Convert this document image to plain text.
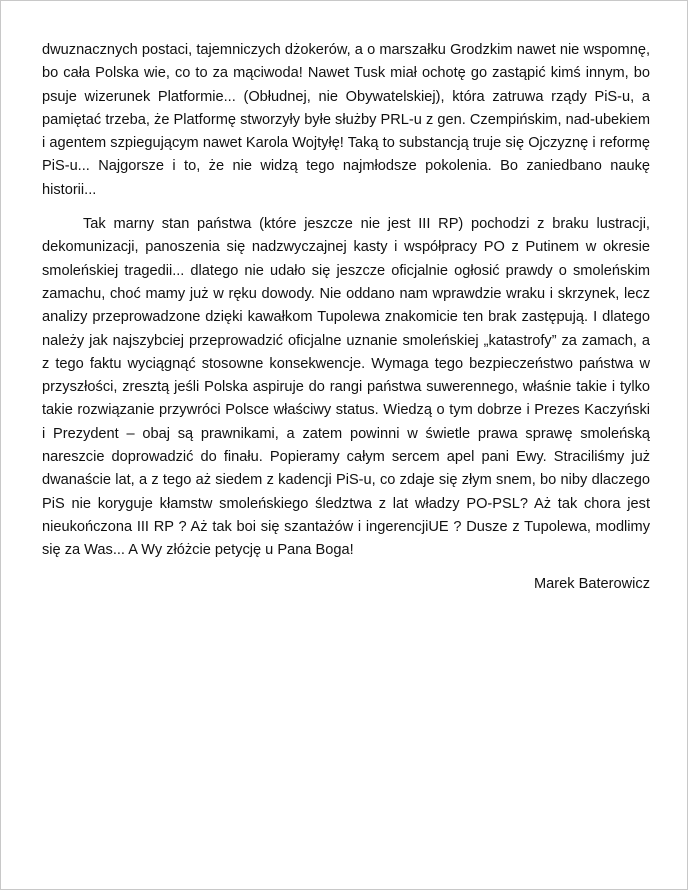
dwuznacznych postaci, tajemniczych dżokerów, a o marszałku Grodzkim nawet nie wspomnę, bo cała Polska wie, co to za mąciwoda! Nawet Tusk miał ochotę go zastąpić kimś innym, bo psuje wizerunek Platformie... (Obłudnej, nie Obywatelskiej), która zatruwa rządy PiS-u, a pamiętać trzeba, że Platformę stworzyły byłe służby PRL-u z gen. Czempińskim, nad-ubekiem i agentem szpiegującym nawet Karola Wojtyłę! Taką to substancją truje się Ojczyznę i reformę PiS-u... Najgorsze i to, że nie widzą tego najmłodsze pokolenia. Bo zaniedbano naukę historii...

Tak marny stan państwa (które jeszcze nie jest III RP) pochodzi z braku lustracji, dekomunizacji, panoszenia się nadzwyczajnej kasty i współpracy PO z Putinem w okresie smoleńskiej tragedii... dlatego nie udało się jeszcze oficjalnie ogłosić prawdy o smoleńskim zamachu, choć mamy już w ręku dowody. Nie oddano nam wprawdzie wraku i skrzynek, lecz analizy przeprowadzone dzięki kawałkom Tupolewa znakomicie ten brak zastępują. I dlatego należy jak najszybciej przeprowadzić oficjalne uznanie smoleńskiej „katastrofy” za zamach, a z tego faktu wyciągnąć stosowne konsekwencje. Wymaga tego bezpieczeństwo państwa w przyszłości, zresztą jeśli Polska aspiruje do rangi państwa suwerennego, właśnie takie i tylko takie rozwiązanie przywróci Polsce właściwy status. Wiedzą o tym dobrze i Prezes Kaczyński i Prezydent – obaj są prawnikami, a zatem powinni w świetle prawa sprawę smoleńską nareszcie doprowadzić do finału. Popieramy całym sercem apel pani Ewy. Straciliśmy już dwanaście lat, a z tego aż siedem z kadencji PiS-u, co zdaje się złym snem, bo niby dlaczego PiS nie koryguje kłamstw smoleńskiego śledztwa z lat władzy PO-PSL? Aż tak chora jest nieukończona III RP ? Aż tak boi się szantażów i ingerencjiUE ? Dusze z Tupolewa, modlimy się za Was... A Wy złóżcie petycję u Pana Boga!

Marek Baterowicz
